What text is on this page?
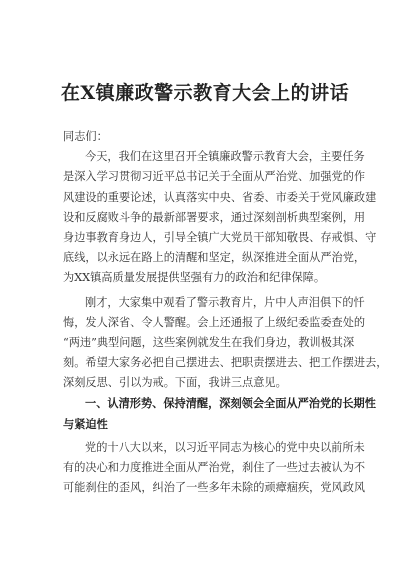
在X镇廉政警示教育大会上的讲话
同志们：
今天，我们在这里召开全镇廉政警示教育大会，主要任务
是深入学习贯彻习近平总书记关于全面从严治党、加强党的作
风建设的重要论述，认真落实中央、省委、市委关于党风廉政建
设和反腐败斗争的最新部署要求，通过深刻剖析典型案例，用
身边事教育身边人，引导全镇广大党员干部知敬畏、存戒惧、守
底线，以永远在路上的清醒和坚定，纵深推进全面从严治党，
为XX镇高质量发展提供坚强有力的政治和纪律保障。
刚才，大家集中观看了警示教育片，片中人声泪俱下的忏
悔，发人深省、令人警醒。会上还通报了上级纪委监委查处的
“两违”典型问题，这些案例就发生在我们身边，教训极其深
刻。希望大家务必把自己摆进去、把职责摆进去、把工作摆进去，
深刻反思、引以为戒。下面，我讲三点意见。
一、认清形势、保持清醒，深刻领会全面从严治党的长期性
与紧迫性
党的十八大以来，以习近平同志为核心的党中央以前所未
有的决心和力度推进全面从严治党，刹住了一些过去被认为不
可能刹住的歪风，纠治了一些多年未除的顽瘴痼疾，党风政风
